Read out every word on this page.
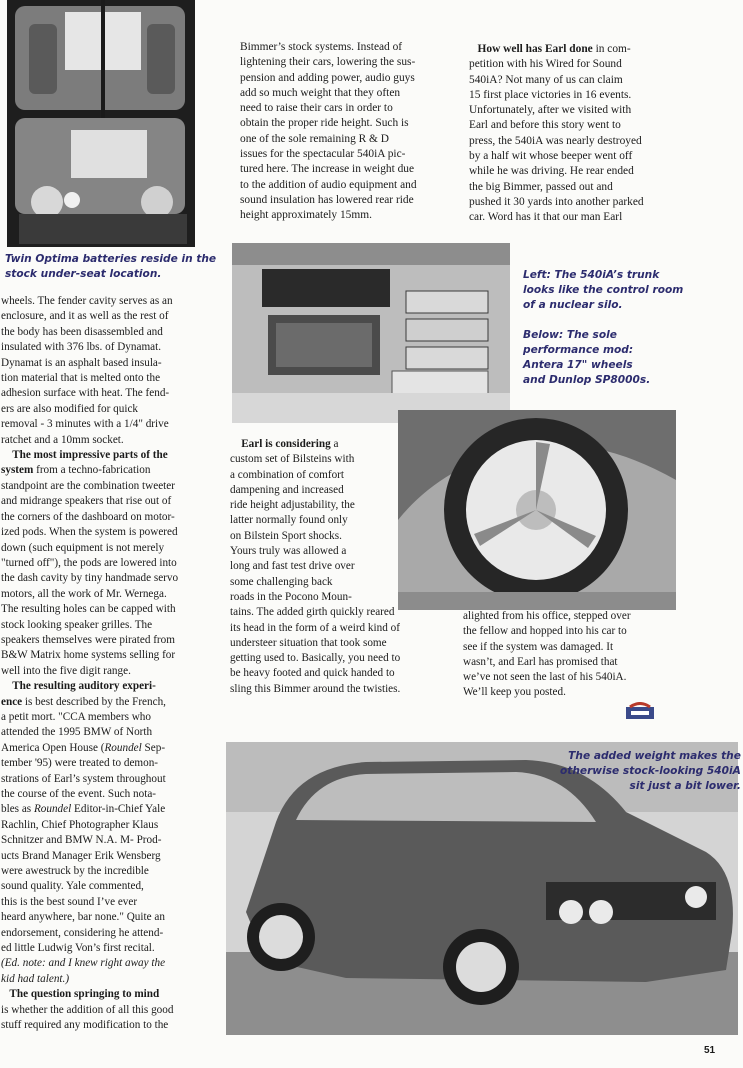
Twin Optima batteries reside in the
stock under-seat location.	Left: The 540iA’s trunk
looks like the control room
of a nuclear silo.
Below: The sole
performance mod:
Antera 17" wheels
and Dunlop SP8000s.
The added weight makes the
otherwise stock-looking 540iA
sit just a bit lower.
Bimmer’s stock systems. Instead of
lightening their cars, lowering the sus-
pension and adding power, audio guys
add so much weight that they often
need to raise their cars in order to
obtain the proper ride height. Such is
one of the sole remaining R & D
issues for the spectacular 540iA pic-
tured here. The increase in weight due
to the addition of audio equipment and
sound insulation has lowered rear ride
height approximately 15mm.
How well has Earl done in com-
petition with his Wired for Sound
540iA? Not many of us can claim
15 first place victories in 16 events.
Unfortunately, after we visited with
Earl and before this story went to
press, the 540iA was nearly destroyed
by a half wit whose beeper went off
while he was driving. He rear ended
the big Bimmer, passed out and
pushed it 30 yards into another parked
car. Word has it that our man Earl
wheels. The fender cavity serves as an
enclosure, and it as well as the rest of
the body has been disassembled and
insulated with 376 lbs. of Dynamat.
Dynamat is an asphalt based insula-
tion material that is melted onto the
adhesion surface with heat. The fend-
ers are also modified for quick
removal - 3 minutes with a 1/4" drive
ratchet and a 10mm socket.
The most impressive parts of the
system from a techno-fabrication
standpoint are the combination tweeter
and midrange speakers that rise out of
the corners of the dashboard on motor-
ized pods. When the system is powered
down (such equipment is not merely
"turned off"), the pods are lowered into
the dash cavity by tiny handmade servo
motors, all the work of Mr. Wernega.
The resulting holes can be capped with
stock looking speaker grilles. The
speakers themselves were pirated from
B&W Matrix home systems selling for
well into the five digit range.
The resulting auditory experi-
ence is best described by the French,
a petit mort. "CCA members who
attended the 1995 BMW of North
America Open House (Roundel Sep-
tember '95) were treated to demon-
strations of Earl’s system throughout
the course of the event. Such nota-
bles as Roundel Editor-in-Chief Yale
Rachlin, Chief Photographer Klaus
Schnitzer and BMW N.A. M- Prod-
ucts Brand Manager Erik Wensberg
were awestruck by the incredible
sound quality. Yale commented,
this is the best sound I’ve ever
heard anywhere, bar none." Quite an
endorsement, considering he attend-
ed little Ludwig Von’s first recital.
(Ed. note: and I knew right away the
kid had talent.)
The question springing to mind
is whether the addition of all this good
stuff required any modification to the
Earl is considering a
custom set of Bilsteins with
a combination of comfort
dampening and increased
ride height adjustability, the
latter normally found only
on Bilstein Sport shocks.
Yours truly was allowed a
long and fast test drive over
some challenging back
roads in the Pocono Moun-
tains. The added girth quickly reared
its head in the form of a weird kind of
understeer situation that took some
getting used to. Basically, you need to
be heavy footed and quick handed to
sling this Bimmer around the twisties.
alighted from his office, stepped over
the fellow and hopped into his car to
see if the system was damaged. It
wasn’t, and Earl has promised that
we’ve not seen the last of his 540iA.
We’ll keep you posted.
51
